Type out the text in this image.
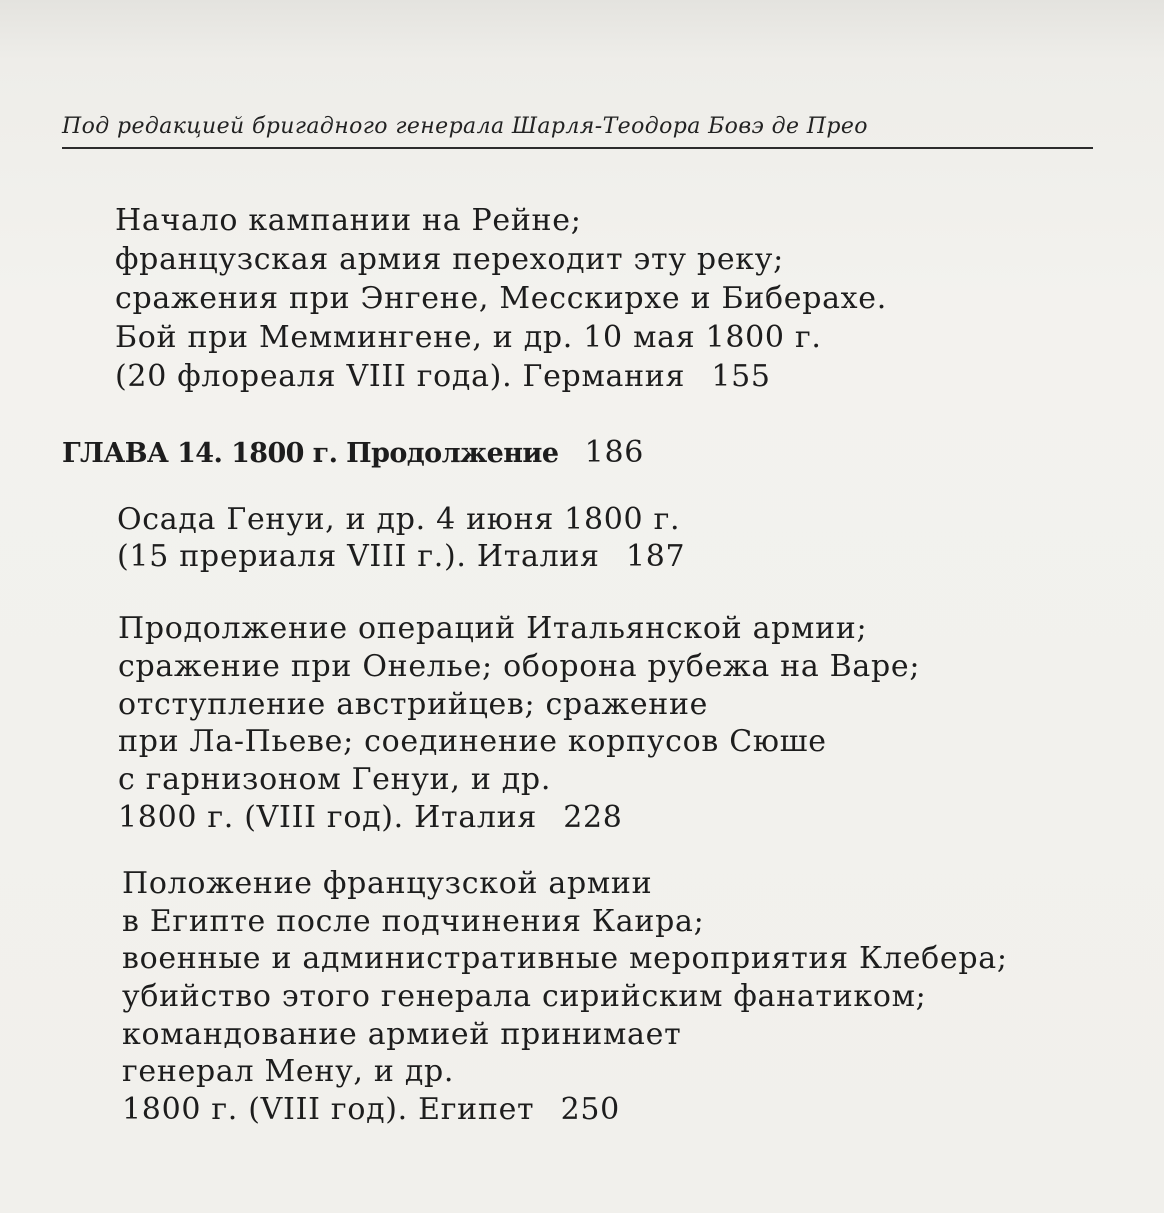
Под редакцией бригадного генерала Шарля-Теодора Бовэ де Прео
Начало кампании на Рейне;
французская армия переходит эту реку;
сражения при Энгене, Месскирхе и Биберахе.
Бой при Меммингене, и др. 10 мая 1800 г.
(20 флореаля VIII года). Германия 155
ГЛАВА 14. 1800 г. Продолжение 186
Осада Генуи, и др. 4 июня 1800 г.
(15 прериаля VIII г.). Италия 187
Продолжение операций Итальянской армии;
сражение при Онелье; оборона рубежа на Варе;
отступление австрийцев; сражение
при Ла-Пьеве; соединение корпусов Сюше
с гарнизоном Генуи, и др.
1800 г. (VIII год). Италия 228
Положение французской армии
в Египте после подчинения Каира;
военные и административные мероприятия Клебера;
убийство этого генерала сирийским фанатиком;
командование армией принимает
генерал Мену, и др.
1800 г. (VIII год). Египет 250
